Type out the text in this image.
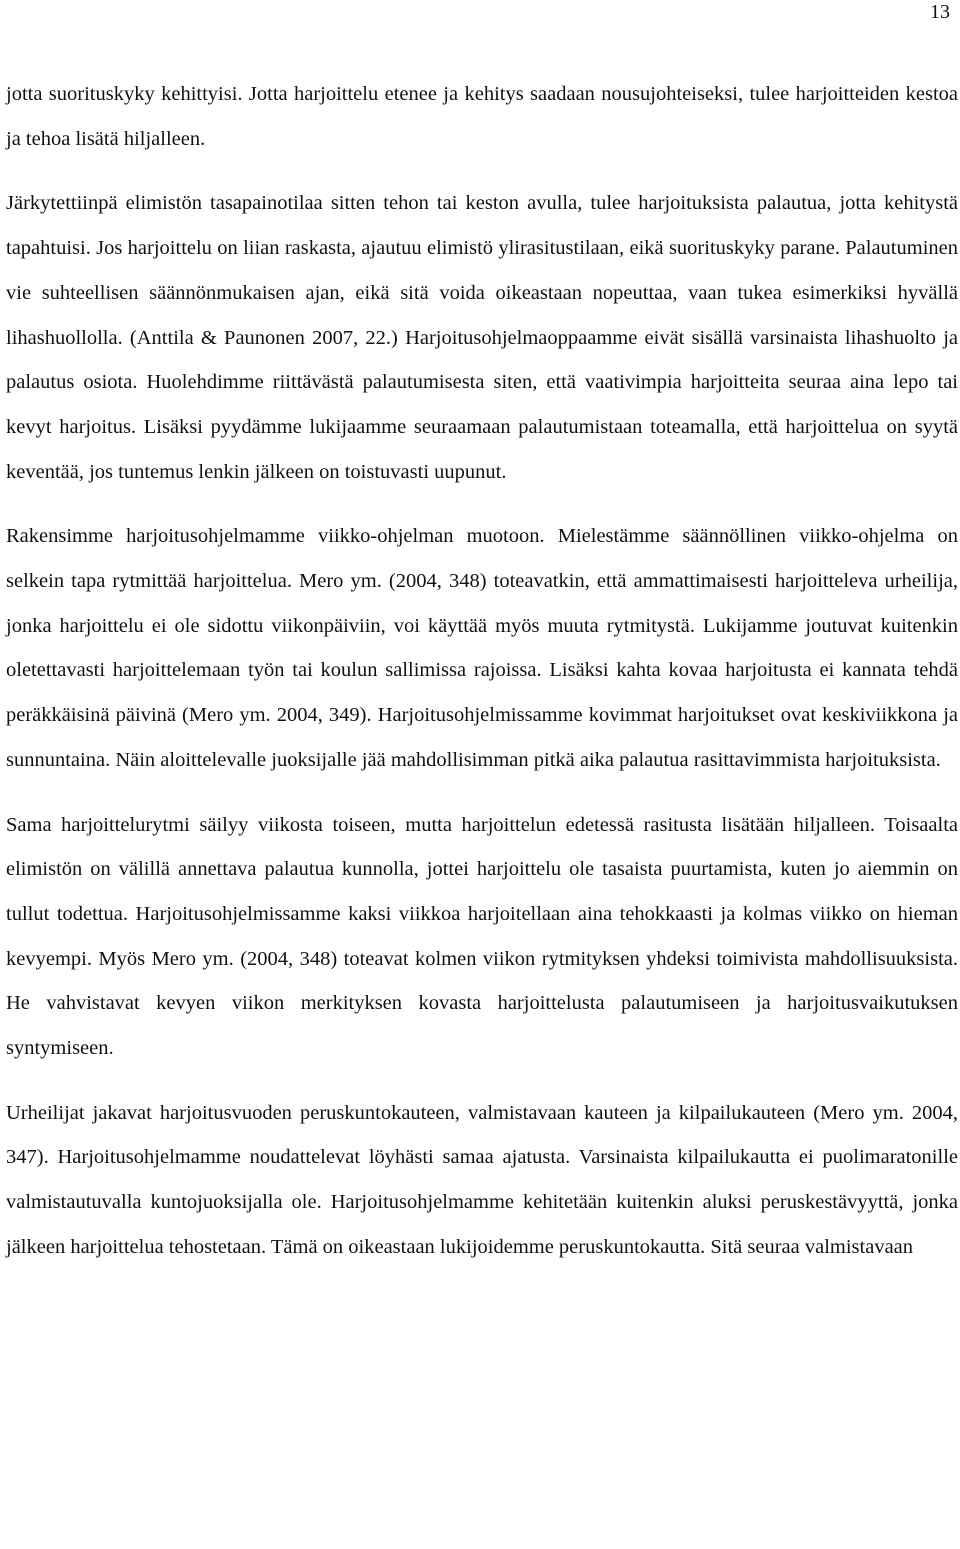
13

jotta suorituskyky kehittyisi. Jotta harjoittelu etenee ja kehitys saadaan nousujohteiseksi, tulee harjoitteiden kestoa ja tehoa lisätä hiljalleen.

Järkytettiinpä elimistön tasapainotilaa sitten tehon tai keston avulla, tulee harjoituksista palautua, jotta kehitystä tapahtuisi. Jos harjoittelu on liian raskasta, ajautuu elimistö ylirasitustilaan, eikä suorituskyky parane. Palautuminen vie suhteellisen säännönmukaisen ajan, eikä sitä voida oikeastaan nopeuttaa, vaan tukea esimerkiksi hyvällä lihashuollolla. (Anttila & Paunonen 2007, 22.) Harjoitusohjelmaoppaamme eivät sisällä varsinaista lihashuolto ja palautus osiota. Huolehdimme riittävästä palautumisesta siten, että vaativimpia harjoitteita seuraa aina lepo tai kevyt harjoitus. Lisäksi pyydämme lukijaamme seuraamaan palautumistaan toteamalla, että harjoittelua on syytä keventää, jos tuntemus lenkin jälkeen on toistuvasti uupunut.

Rakensimme harjoitusohjelmamme viikko-ohjelman muotoon. Mielestämme säännöllinen viikko-ohjelma on selkein tapa rytmittää harjoittelua. Mero ym. (2004, 348) toteavatkin, että ammattimaisesti harjoitteleva urheilija, jonka harjoittelu ei ole sidottu viikonpäiviin, voi käyttää myös muuta rytmitystä. Lukijamme joutuvat kuitenkin oletettavasti harjoittelemaan työn tai koulun sallimissa rajoissa. Lisäksi kahta kovaa harjoitusta ei kannata tehdä peräkkäisinä päivinä (Mero ym. 2004, 349). Harjoitusohjelmissamme kovimmat harjoitukset ovat keskiviikkona ja sunnuntaina. Näin aloittelevalle juoksijalle jää mahdollisimman pitkä aika palautua rasittavimmista harjoituksista.

Sama harjoittelurytmi säilyy viikosta toiseen, mutta harjoittelun edetessä rasitusta lisätään hiljalleen. Toisaalta elimistön on välillä annettava palautua kunnolla, jottei harjoittelu ole tasaista puurtamista, kuten jo aiemmin on tullut todettua. Harjoitusohjelmissamme kaksi viikkoa harjoitellaan aina tehokkaasti ja kolmas viikko on hieman kevyempi. Myös Mero ym. (2004, 348) toteavat kolmen viikon rytmityksen yhdeksi toimivista mahdollisuuksista. He vahvistavat kevyen viikon merkityksen kovasta harjoittelusta palautumiseen ja harjoitusvaikutuksen syntymiseen.

Urheilijat jakavat harjoitusvuoden peruskuntokauteen, valmistavaan kauteen ja kilpailukauteen (Mero ym. 2004, 347). Harjoitusohjelmamme noudattelevat löyhästi samaa ajatusta. Varsinaista kilpailukautta ei puolimaratonille valmistautuvalla kuntojuoksijalla ole. Harjoitusohjelmamme kehitetään kuitenkin aluksi peruskestävyyttä, jonka jälkeen harjoittelua tehostetaan. Tämä on oikeastaan lukijoidemme peruskuntokautta. Sitä seuraa valmistavaan
